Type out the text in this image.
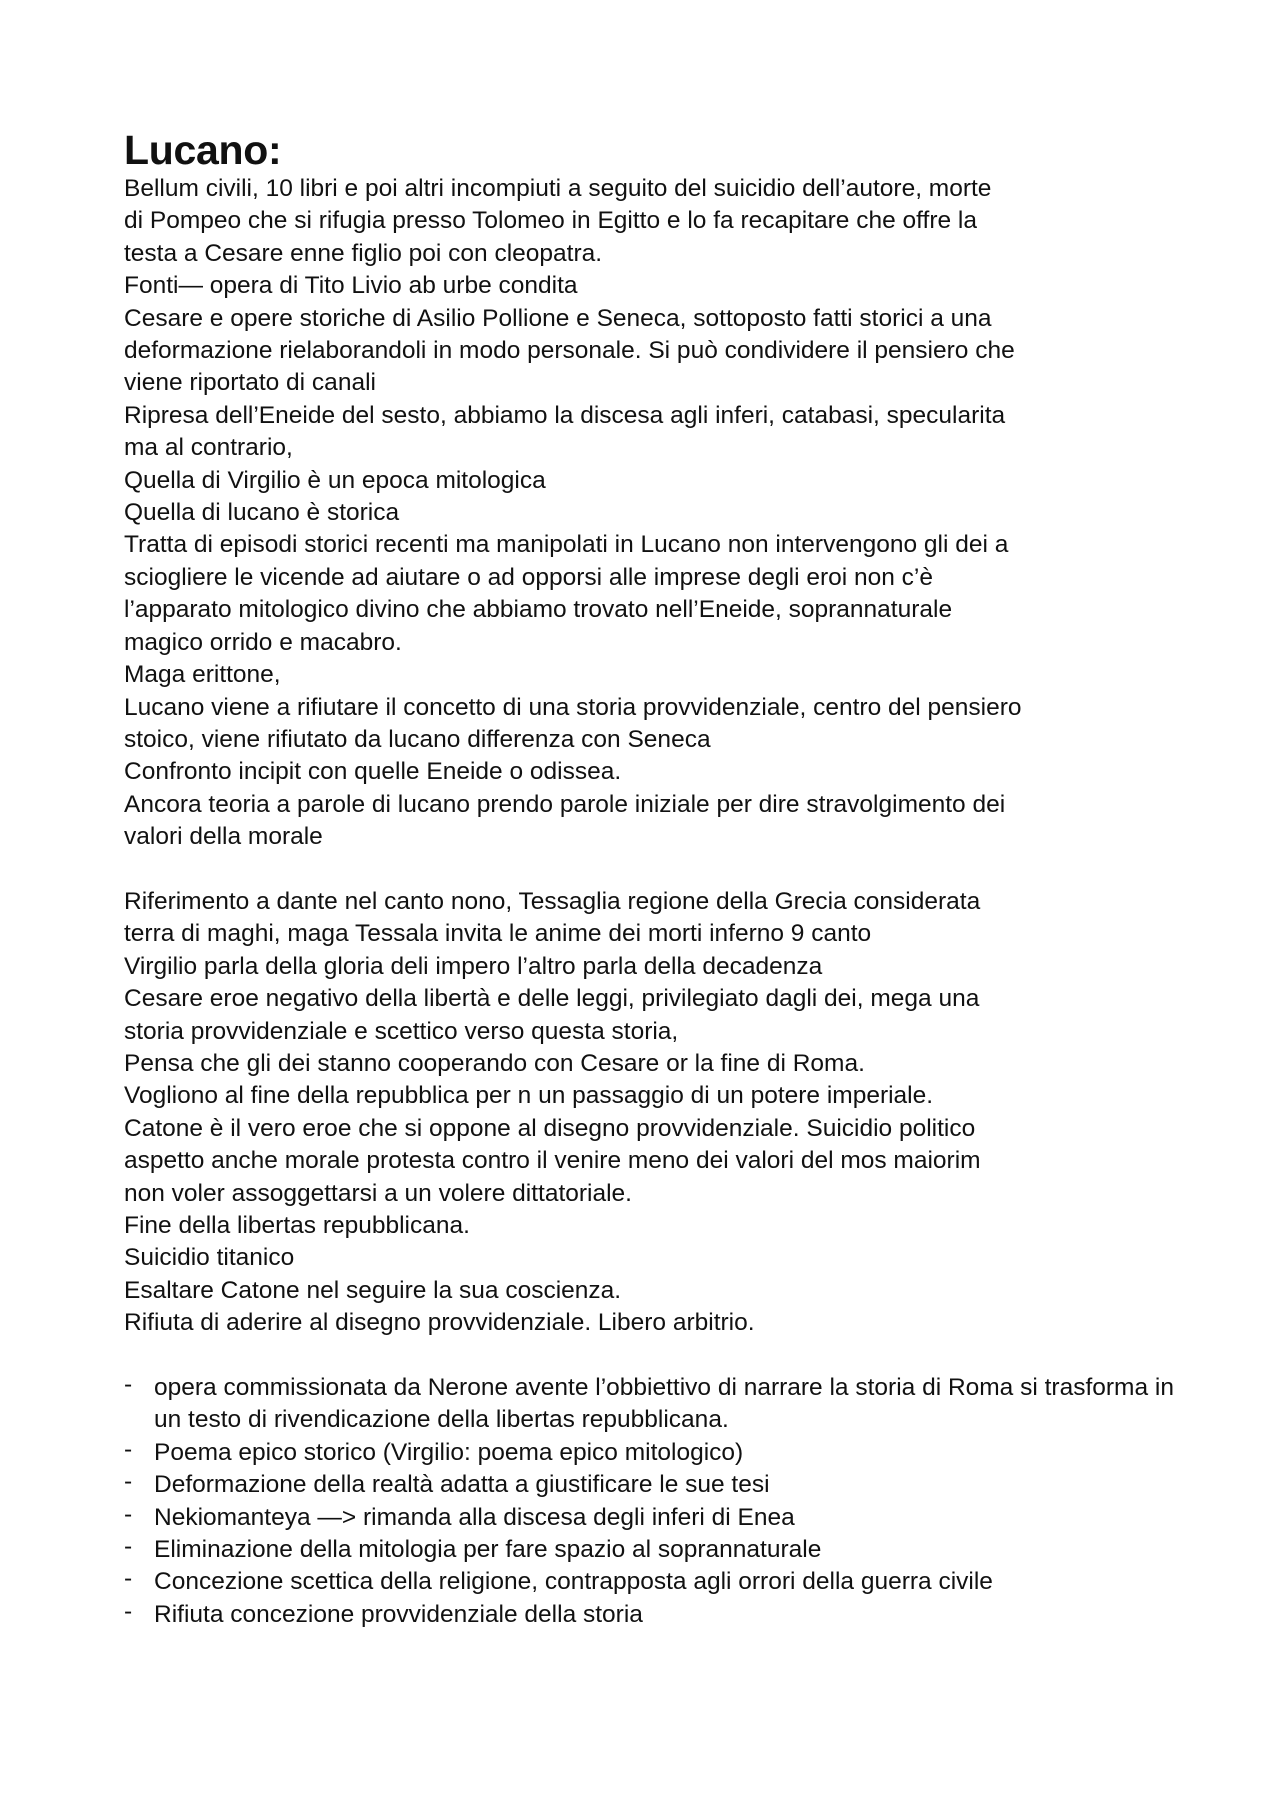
Lucano:

Bellum civili, 10 libri e poi altri incompiuti a seguito del suicidio dell’autore, morte

di Pompeo che si rifugia presso Tolomeo in Egitto e lo fa recapitare che offre la

testa a Cesare enne figlio poi con cleopatra.

Fonti— opera di Tito Livio ab urbe condita

Cesare e opere storiche di Asilio Pollione e Seneca, sottoposto fatti storici a una

deformazione rielaborandoli in modo personale. Si può condividere il pensiero che

viene riportato di canali

Ripresa dell’Eneide del sesto, abbiamo la discesa agli inferi, catabasi, specularita

ma al contrario,

Quella di Virgilio è un epoca mitologica

Quella di lucano è storica

Tratta di episodi storici recenti ma manipolati in Lucano non intervengono gli dei a

sciogliere le vicende ad aiutare o ad opporsi alle imprese degli eroi non c’è

l’apparato mitologico divino che abbiamo trovato nell’Eneide, soprannaturale

magico orrido e macabro.

Maga erittone,

Lucano viene a rifiutare il concetto di una storia provvidenziale, centro del pensiero

stoico, viene rifiutato da lucano differenza con Seneca

Confronto incipit con quelle Eneide o odissea.

Ancora teoria a parole di lucano prendo parole iniziale per dire stravolgimento dei

valori della morale

Riferimento a dante nel canto nono, Tessaglia regione della Grecia considerata

terra di maghi, maga Tessala invita le anime dei morti inferno 9 canto

Virgilio parla della gloria deli impero l’altro parla della decadenza

Cesare eroe negativo della libertà e delle leggi, privilegiato dagli dei, mega una

storia provvidenziale e scettico verso questa storia,

Pensa che gli dei stanno cooperando con Cesare or la fine di Roma.

Vogliono al fine della repubblica per n un passaggio di un potere imperiale.

Catone è il vero eroe che si oppone al disegno provvidenziale. Suicidio politico

aspetto anche morale protesta contro il venire meno dei valori del mos maiorim

non voler assoggettarsi a un volere dittatoriale.

Fine della libertas repubblicana.

Suicidio titanico

Esaltare Catone nel seguire la sua coscienza.

Rifiuta di aderire al disegno provvidenziale. Libero arbitrio.

- opera commissionata da Nerone avente l’obbiettivo di narrare la storia di Roma si trasforma in un testo di rivendicazione della libertas repubblicana.
- Poema epico storico (Virgilio: poema epico mitologico)
- Deformazione della realtà adatta a giustificare le sue tesi
- Nekiomanteya —> rimanda alla discesa degli inferi di Enea
- Eliminazione della mitologia per fare spazio al soprannaturale
- Concezione scettica della religione, contrapposta agli orrori della guerra civile
- Rifiuta concezione provvidenziale della storia
